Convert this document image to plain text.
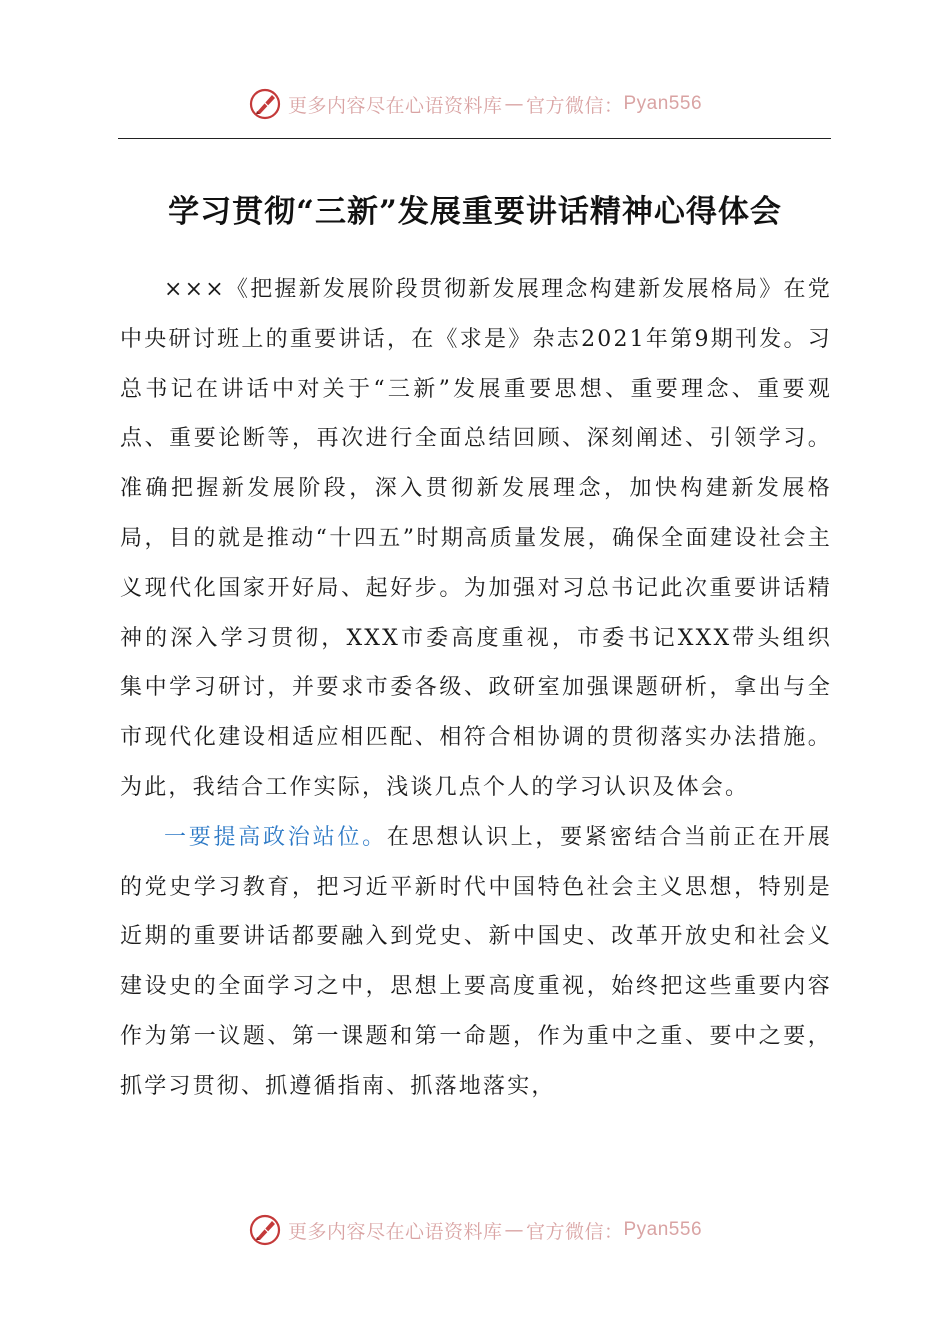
更多内容尽在心语资料库 — 官方微信： Pyan556
学习贯彻“三新”发展重要讲话精神心得体会

×××《把握新发展阶段贯彻新发展理念构建新发展格局》在党中央研讨班上的重要讲话，在《求是》杂志2021年第9期刊发。习总书记在讲话中对关于“三新”发展重要思想、重要理念、重要观点、重要论断等，再次进行全面总结回顾、深刻阐述、引领学习。准确把握新发展阶段，深入贯彻新发展理念，加快构建新发展格局，目的就是推动“十四五”时期高质量发展，确保全面建设社会主义现代化国家开好局、起好步。为加强对习总书记此次重要讲话精神的深入学习贯彻，XXX市委高度重视，市委书记XXX带头组织集中学习研讨，并要求市委各级、政研室加强课题研析，拿出与全市现代化建设相适应相匹配、相符合相协调的贯彻落实办法措施。为此，我结合工作实际，浅谈几点个人的学习认识及体会。

一要提高政治站位。在思想认识上，要紧密结合当前正在开展的党史学习教育，把习近平新时代中国特色社会主义思想，特别是近期的重要讲话都要融入到党史、新中国史、改革开放史和社会义建设史的全面学习之中，思想上要高度重视，始终把这些重要内容作为第一议题、第一课题和第一命题，作为重中之重、要中之要，抓学习贯彻、抓遵循指南、抓落地落实，

更多内容尽在心语资料库 — 官方微信： Pyan556
